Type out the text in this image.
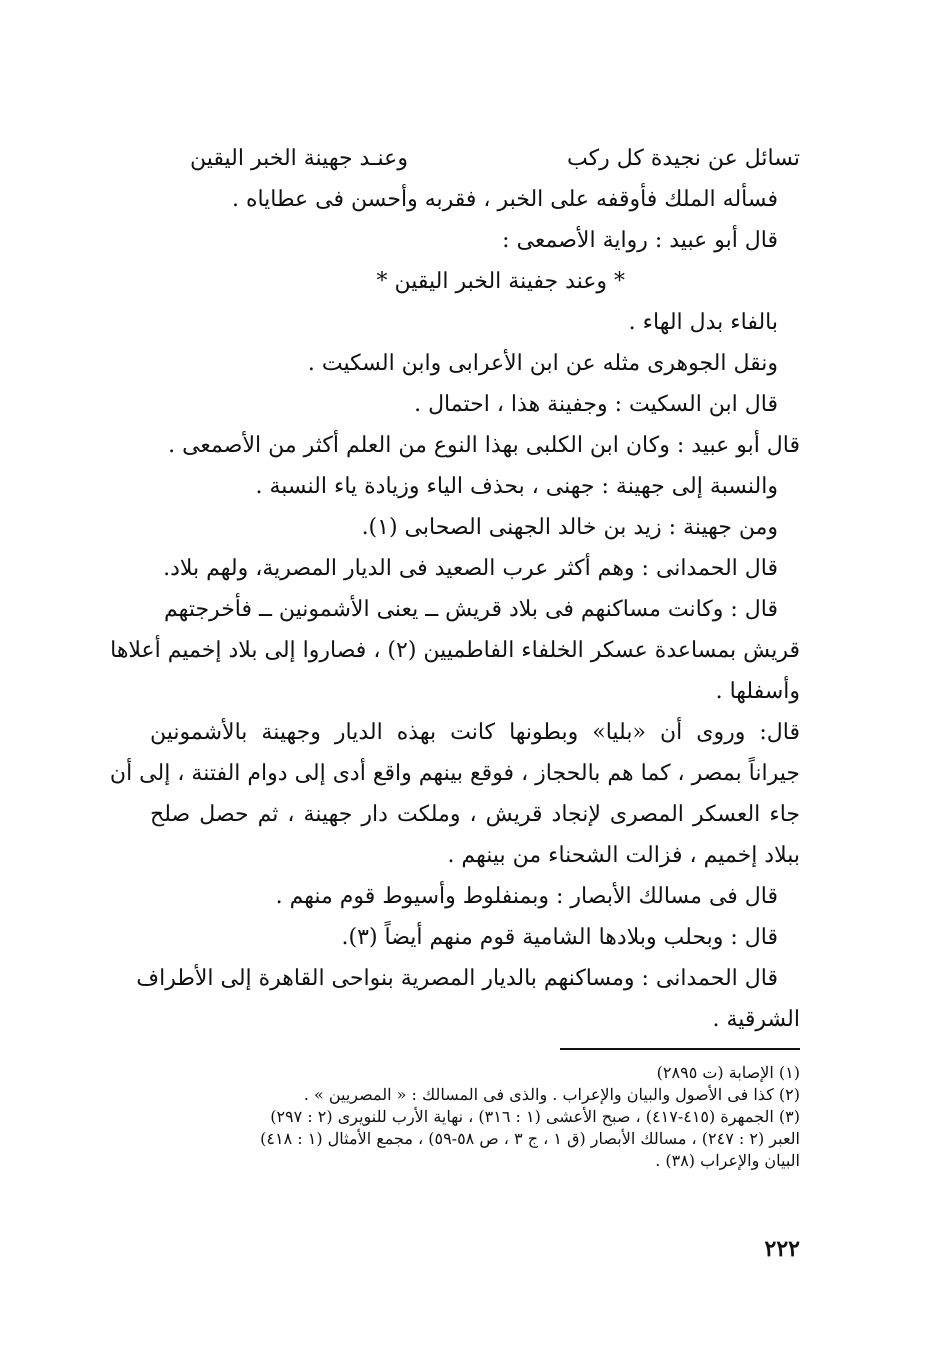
تسائل عن نجيدة كل ركب
وعنـد جهينة الخبر اليقين
فسأله الملك فأوقفه على الخبر ، فقربه وأحسن فى عطاياه .
قال أبو عبيد : رواية الأصمعى :
* وعند جفينة الخبر اليقين *
بالفاء بدل الهاء .
ونقل الجوهرى مثله عن ابن الأعرابى وابن السكيت .
قال ابن السكيت : وجفينة هذا ، احتمال .
قال أبو عبيد : وكان ابن الكلبى بهذا النوع من العلم أكثر من الأصمعى .
والنسبة إلى جهينة : جهنى ، بحذف الياء وزيادة ياء النسبة .
ومن جهينة : زيد بن خالد الجهنى الصحابى (١).
قال الحمدانى : وهم أكثر عرب الصعيد فى الديار المصرية، ولهم بلاد.
قال : وكانت مساكنهم فى بلاد قريش ــ يعنى الأشمونين ــ فأخرجتهم
قريش بمساعدة عسكر الخلفاء الفاطميين (٢) ، فصاروا إلى بلاد إخميم أعلاها
وأسفلها .
قال: وروى أن «بليا» وبطونها كانت بهذه الديار وجهينة بالأشمونين
جيراناً بمصر ، كما هم بالحجاز ، فوقع بينهم واقع أدى إلى دوام الفتنة ، إلى أن
جاء العسكر المصرى لإنجاد قريش ، وملكت دار جهينة ، ثم حصل صلح
ببلاد إخميم ، فزالت الشحناء من بينهم .
قال فى مسالك الأبصار : وبمنفلوط وأسيوط قوم منهم .
قال : وبحلب وبلادها الشامية قوم منهم أيضاً (٣).
قال الحمدانى : ومساكنهم بالديار المصرية بنواحى القاهرة إلى الأطراف
الشرقية .
(١) الإصابة (ت ٢٨٩٥)
(٢) كذا فى الأصول والبيان والإعراب . والذى فى المسالك : « المصريين » .
(٣) الجمهرة (٤١٥-٤١٧) ، صبح الأعشى (١ : ٣١٦) ، نهاية الأرب للنويرى (٢ : ٢٩٧)
العبر (٢ : ٢٤٧) ، مسالك الأبصار (ق ١ ، ج ٣ ، ص ٥٨-٥٩) ، مجمع الأمثال (١ : ٤١٨)
البيان والإعراب (٣٨) .
٢٢٢
